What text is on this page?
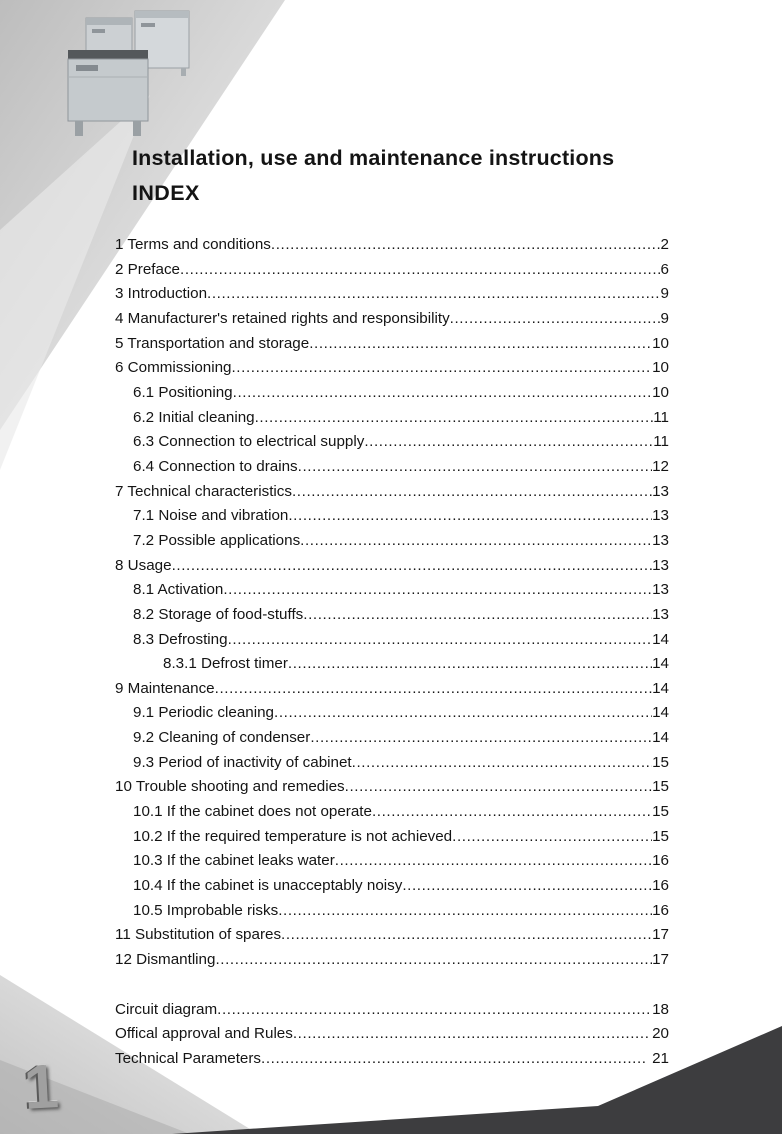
Installation, use and maintenance instructions
INDEX
1 Terms and conditions .....	2
2 Preface .....	6
3 Introduction .....	9
4 Manufacturer's retained rights and responsibility .....	9
5 Transportation and storage .....	10
6 Commissioning .....	10
6.1 Positioning .....	10
6.2 Initial cleaning .....	11
6.3 Connection to electrical supply .....	11
6.4 Connection to drains .....	12
7 Technical characteristics .....	13
7.1 Noise and vibration .....	13
7.2 Possible applications .....	13
8 Usage .....	13
8.1 Activation .....	13
8.2 Storage of food-stuffs .....	13
8.3 Defrosting .....	14
8.3.1 Defrost timer .....	14
9 Maintenance .....	14
9.1 Periodic cleaning .....	14
9.2 Cleaning of condenser .....	14
9.3 Period of inactivity of cabinet .....	15
10 Trouble shooting and remedies .....	15
10.1 If the cabinet does not operate .....	15
10.2 If the required temperature is not achieved .....	15
10.3 If the cabinet leaks water .....	16
10.4 If the cabinet is unacceptably noisy .....	16
10.5 Improbable risks .....	16
11 Substitution of spares .....	17
12 Dismantling .....	17
Circuit diagram .....	18
Offical approval and Rules .....	20
Technical Parameters .....	21
1
